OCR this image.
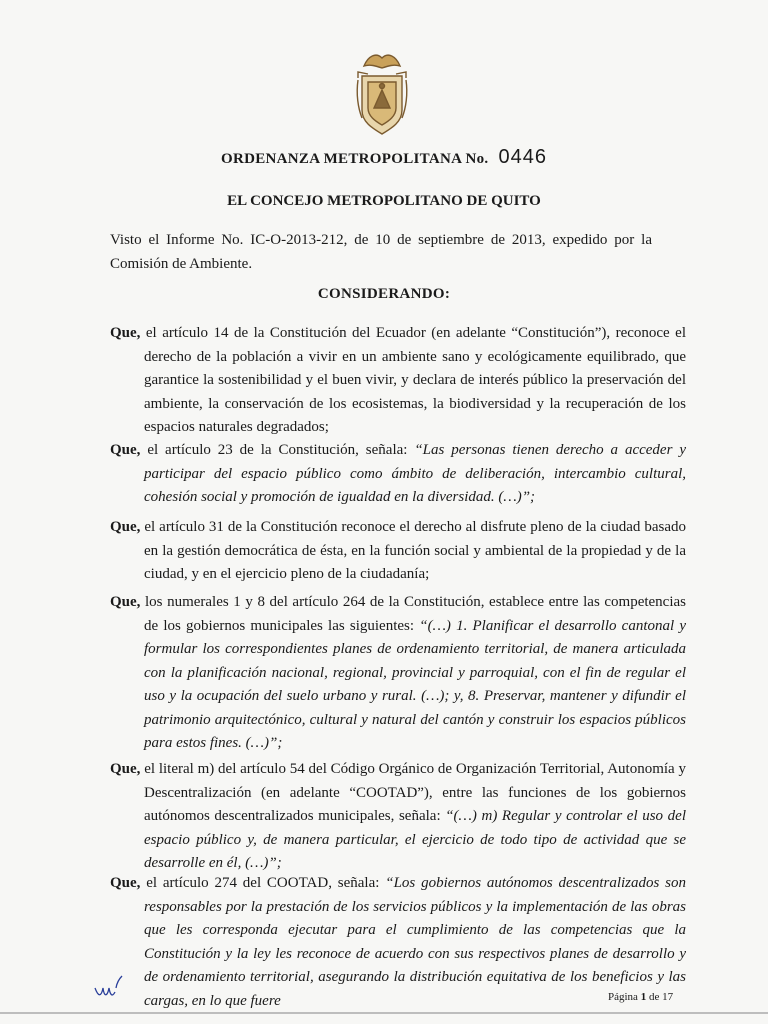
ORDENANZA METROPOLITANA No. 0446
EL CONCEJO METROPOLITANO DE QUITO
Visto el Informe No. IC-O-2013-212, de 10 de septiembre de 2013, expedido por la Comisión de Ambiente.
CONSIDERANDO:
Que, el artículo 14 de la Constitución del Ecuador (en adelante “Constitución”), reconoce el derecho de la población a vivir en un ambiente sano y ecológicamente equilibrado, que garantice la sostenibilidad y el buen vivir, y declara de interés público la preservación del ambiente, la conservación de los ecosistemas, la biodiversidad y la recuperación de los espacios naturales degradados;
Que, el artículo 23 de la Constitución, señala: “Las personas tienen derecho a acceder y participar del espacio público como ámbito de deliberación, intercambio cultural, cohesión social y promoción de igualdad en la diversidad. (…)”;
Que, el artículo 31 de la Constitución reconoce el derecho al disfrute pleno de la ciudad basado en la gestión democrática de ésta, en la función social y ambiental de la propiedad y de la ciudad, y en el ejercicio pleno de la ciudadanía;
Que, los numerales 1 y 8 del artículo 264 de la Constitución, establece entre las competencias de los gobiernos municipales las siguientes: “(…) 1. Planificar el desarrollo cantonal y formular los correspondientes planes de ordenamiento territorial, de manera articulada con la planificación nacional, regional, provincial y parroquial, con el fin de regular el uso y la ocupación del suelo urbano y rural. (…); y, 8. Preservar, mantener y difundir el patrimonio arquitectónico, cultural y natural del cantón y construir los espacios públicos para estos fines. (…)”;
Que, el literal m) del artículo 54 del Código Orgánico de Organización Territorial, Autonomía y Descentralización (en adelante “COOTAD”), entre las funciones de los gobiernos autónomos descentralizados municipales, señala: “(…) m) Regular y controlar el uso del espacio público y, de manera particular, el ejercicio de todo tipo de actividad que se desarrolle en él, (…)”;
Que, el artículo 274 del COOTAD, señala: “Los gobiernos autónomos descentralizados son responsables por la prestación de los servicios públicos y la implementación de las obras que les corresponda ejecutar para el cumplimiento de las competencias que la Constitución y la ley les reconoce de acuerdo con sus respectivos planes de desarrollo y de ordenamiento territorial, asegurando la distribución equitativa de los beneficios y las cargas, en lo que fuere	Página 1 de 17
